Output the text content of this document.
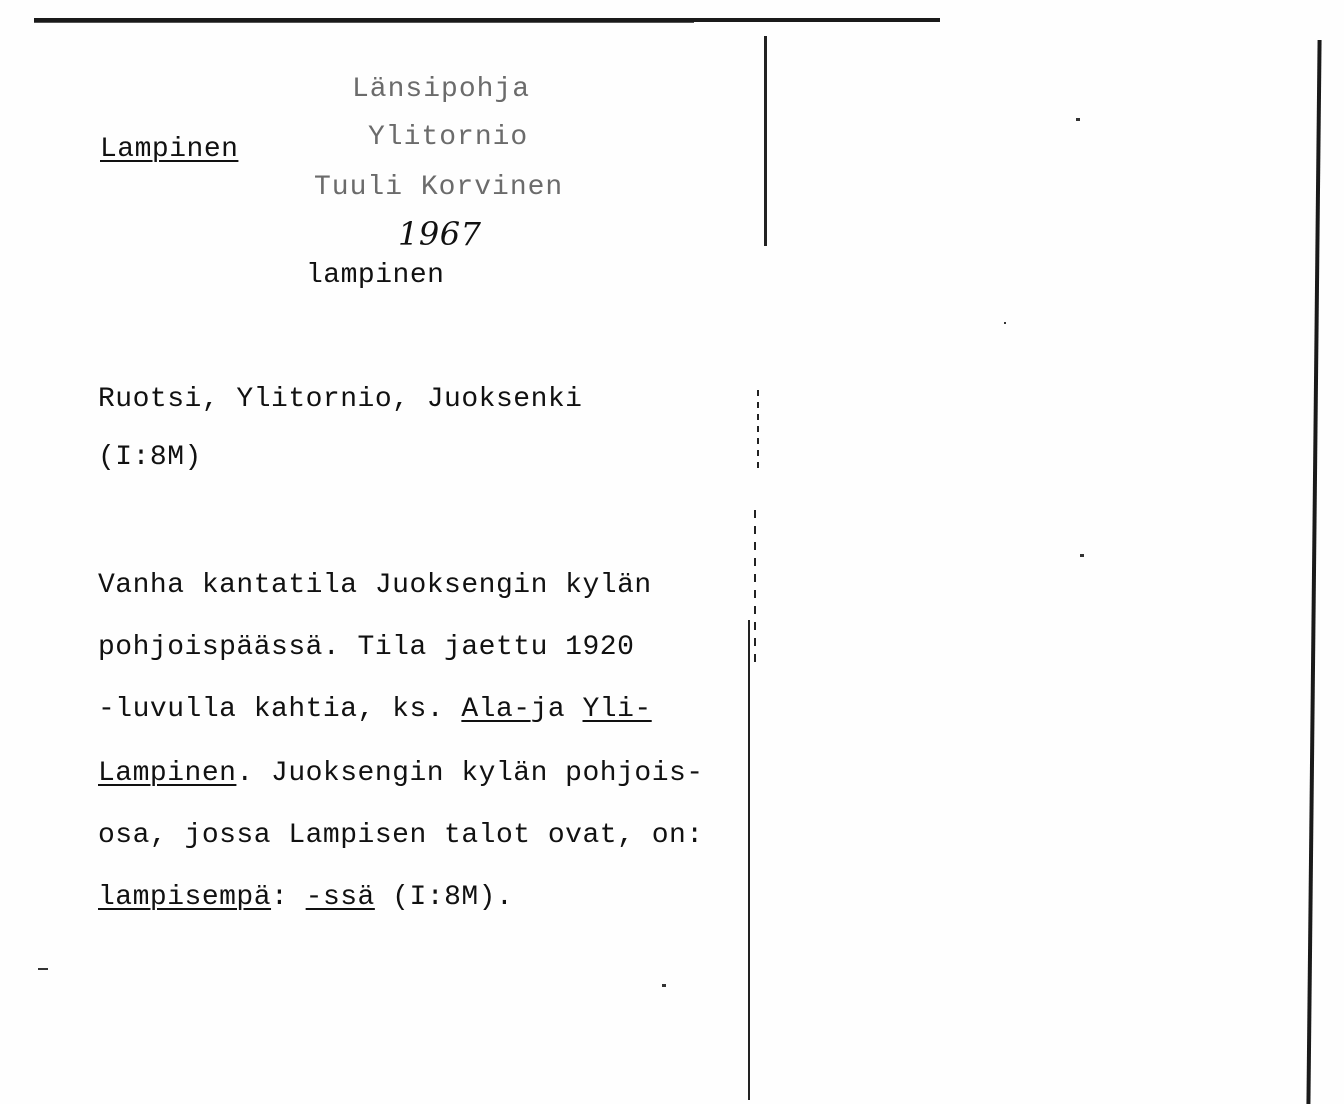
Lampinen
Länsipohja
Ylitornio
Tuuli Korvinen
1967
lampinen
Ruotsi, Ylitornio, Juoksenki
(I:8M)
Vanha kantatila Juoksengin kylän
pohjoispäässä. Tila jaettu 1920
-luvulla kahtia, ks. Ala-ja Yli-
Lampinen. Juoksengin kylän pohjois-
osa, jossa Lampisen talot ovat, on:
lampisempä: -ssä (I:8M).
